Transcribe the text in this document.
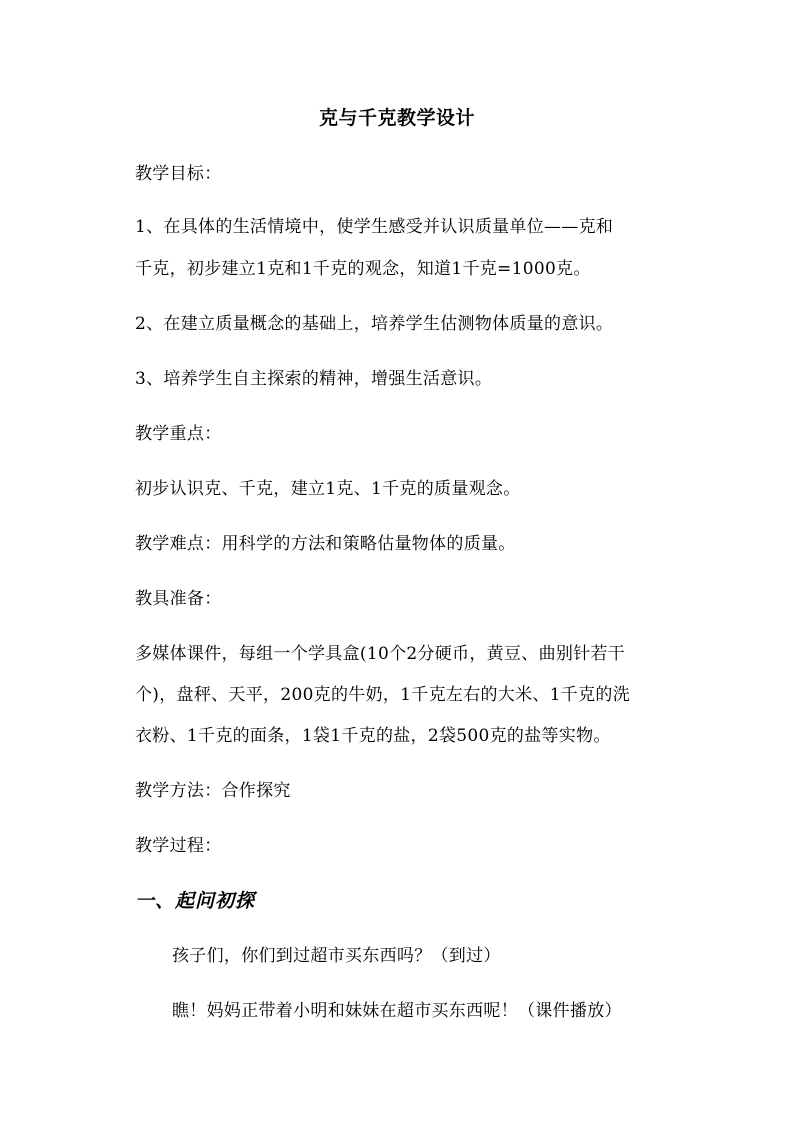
克与千克教学设计
教学目标：
1、在具体的生活情境中，使学生感受并认识质量单位——克和
千克，初步建立1克和1千克的观念，知道1千克=1000克。
2、在建立质量概念的基础上，培养学生估测物体质量的意识。
3、培养学生自主探索的精神，增强生活意识。
教学重点：
初步认识克、千克，建立1克、1千克的质量观念。
教学难点：用科学的方法和策略估量物体的质量。
教具准备：
多媒体课件，每组一个学具盒(10个2分硬币，黄豆、曲别针若干
个)，盘秤、天平，200克的牛奶，1千克左右的大米、1千克的洗
衣粉、1千克的面条，1袋1千克的盐，2袋500克的盐等实物。
教学方法：合作探究
教学过程：
一、起问初探
孩子们，你们到过超市买东西吗？（到过）
瞧！妈妈正带着小明和妹妹在超市买东西呢！（课件播放）
